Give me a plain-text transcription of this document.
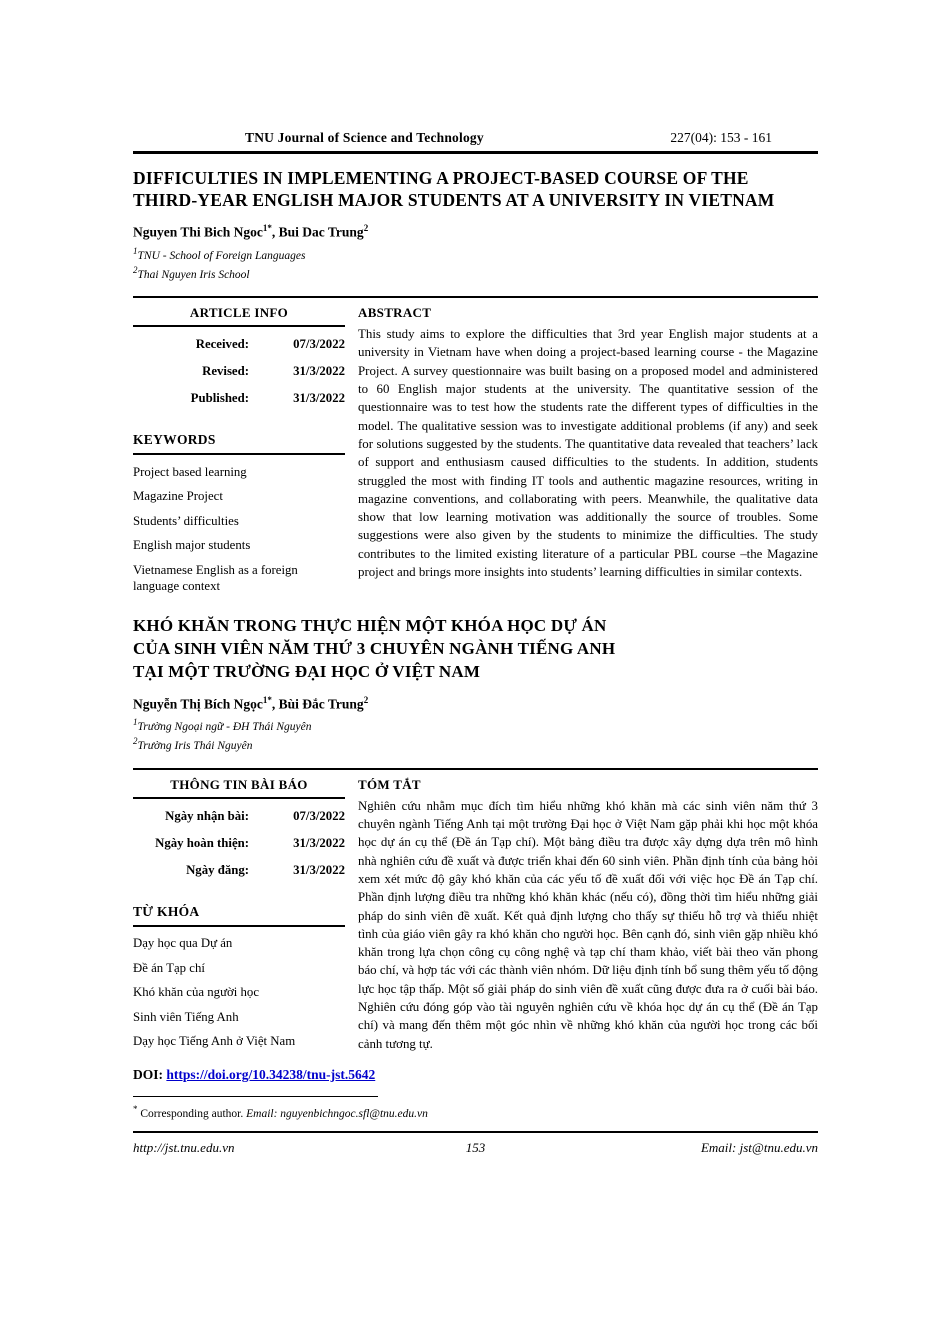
TNU Journal of Science and Technology	227(04): 153 - 161
DIFFICULTIES IN IMPLEMENTING A PROJECT-BASED COURSE OF THE
THIRD-YEAR ENGLISH MAJOR STUDENTS AT A UNIVERSITY IN VIETNAM
Nguyen Thi Bich Ngoc$^{1*}$, Bui Dac Trung$^2$
$^1$TNU - School of Foreign Languages
$^2$Thai Nguyen Iris School
ARTICLE INFO	ABSTRACT
Received:	07/3/2022
Revised:	31/3/2022
Published:	31/3/2022
KEYWORDS
Project based learning
Magazine Project
Students’ difficulties
English major students
Vietnamese English as a foreign language context
This study aims to explore the difficulties that 3rd year English major students at a university in Vietnam have when doing a project-based learning course - the Magazine Project. A survey questionnaire was built basing on a proposed model and administered to 60 English major students at the university. The quantitative session of the questionnaire was to test how the students rate the different types of difficulties in the model. The qualitative session was to investigate additional problems (if any) and seek for solutions suggested by the students. The quantitative data revealed that teachers’ lack of support and enthusiasm caused difficulties to the students. In addition, students struggled the most with finding IT tools and authentic magazine resources, writing in magazine conventions, and collaborating with peers. Meanwhile, the qualitative data show that low learning motivation was additionally the source of troubles. Some suggestions were also given by the students to minimize the difficulties. The study contributes to the limited existing literature of a particular PBL course –the Magazine project and brings more insights into students’ learning difficulties in similar contexts.
KHÓ KHĂN TRONG THỰC HIỆN MỘT KHÓA HỌC DỰ ÁN
CỦA SINH VIÊN NĂM THỨ 3 CHUYÊN NGÀNH TIẾNG ANH
TẠI MỘT TRƯỜNG ĐẠI HỌC Ở VIỆT NAM
Nguyễn Thị Bích Ngọc$^{1*}$, Bùi Đắc Trung$^2$
$^1$Trường Ngoại ngữ - ĐH Thái Nguyên
$^2$Trường Iris Thái Nguyên
THÔNG TIN BÀI BÁO	TÓM TẮT
Ngày nhận bài:	07/3/2022
Ngày hoàn thiện:	31/3/2022
Ngày đăng:	31/3/2022
TỪ KHÓA
Dạy học qua Dự án
Đề án Tạp chí
Khó khăn của người học
Sinh viên Tiếng Anh
Dạy học Tiếng Anh ở Việt Nam
Nghiên cứu nhằm mục đích tìm hiểu những khó khăn mà các sinh viên năm thứ 3 chuyên ngành Tiếng Anh tại một trường Đại học ở Việt Nam gặp phải khi học một khóa học dự án cụ thể (Đề án Tạp chí). Một bảng điều tra được xây dựng dựa trên mô hình nhà nghiên cứu đề xuất và được triển khai đến 60 sinh viên. Phần định tính của bảng hỏi xem xét mức độ gây khó khăn của các yếu tố đề xuất đối với việc học Đề án Tạp chí. Phần định lượng điều tra những khó khăn khác (nếu có), đồng thời tìm hiểu những giải pháp do sinh viên đề xuất. Kết quả định lượng cho thấy sự thiếu hỗ trợ và thiếu nhiệt tình của giáo viên gây ra khó khăn cho người học. Bên cạnh đó, sinh viên gặp nhiều khó khăn trong lựa chọn công cụ công nghệ và tạp chí tham khảo, viết bài theo văn phong báo chí, và hợp tác với các thành viên nhóm. Dữ liệu định tính bổ sung thêm yếu tố động lực học tập thấp. Một số giải pháp do sinh viên đề xuất cũng được đưa ra ở cuối bài báo. Nghiên cứu đóng góp vào tài nguyên nghiên cứu về khóa học dự án cụ thể (Đề án Tạp chí) và mang đến thêm một góc nhìn về những khó khăn của người học trong các bối cảnh tương tự.
DOI: https://doi.org/10.34238/tnu-jst.5642
* Corresponding author. Email: nguyenbichngoc.sfl@tnu.edu.vn
http://jst.tnu.edu.vn	153	Email: jst@tnu.edu.vn
